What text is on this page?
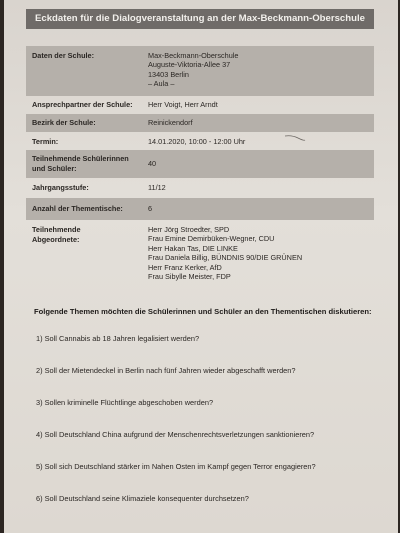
Eckdaten für die Dialogveranstaltung an der Max-Beckmann-Oberschule
Daten der Schule:	Max-Beckmann-Oberschule
Auguste-Viktoria-Allee 37
13403 Berlin
– Aula –
Ansprechpartner der Schule: Herr Voigt, Herr Arndt
Bezirk der Schule:	Reinickendorf
Termin:	14.01.2020, 10:00 - 12:00 Uhr
Teilnehmende Schülerinnen
und Schüler:
40
Jahrgangsstufe:	11/12
Anzahl der Thementische:	6
Teilnehmende
Abgeordnete:
Herr Jörg Stroedter, SPD
Frau Emine Demirbüken-Wegner, CDU
Herr Hakan Tas, DIE LINKE
Frau Daniela Billig, BÜNDNIS 90/DIE GRÜNEN
Herr Franz Kerker, AfD
Frau Sibylle Meister, FDP
Folgende Themen möchten die Schülerinnen und Schüler an den Thementischen diskutieren:
1) Soll Cannabis ab 18 Jahren legalisiert werden?
2) Soll der Mietendeckel in Berlin nach fünf Jahren wieder abgeschafft werden?
3) Sollen kriminelle Flüchtlinge abgeschoben werden?
4) Soll Deutschland China aufgrund der Menschenrechtsverletzungen sanktionieren?
5) Soll sich Deutschland stärker im Nahen Osten im Kampf gegen Terror engagieren?
6) Soll Deutschland seine Klimaziele konsequenter durchsetzen?
